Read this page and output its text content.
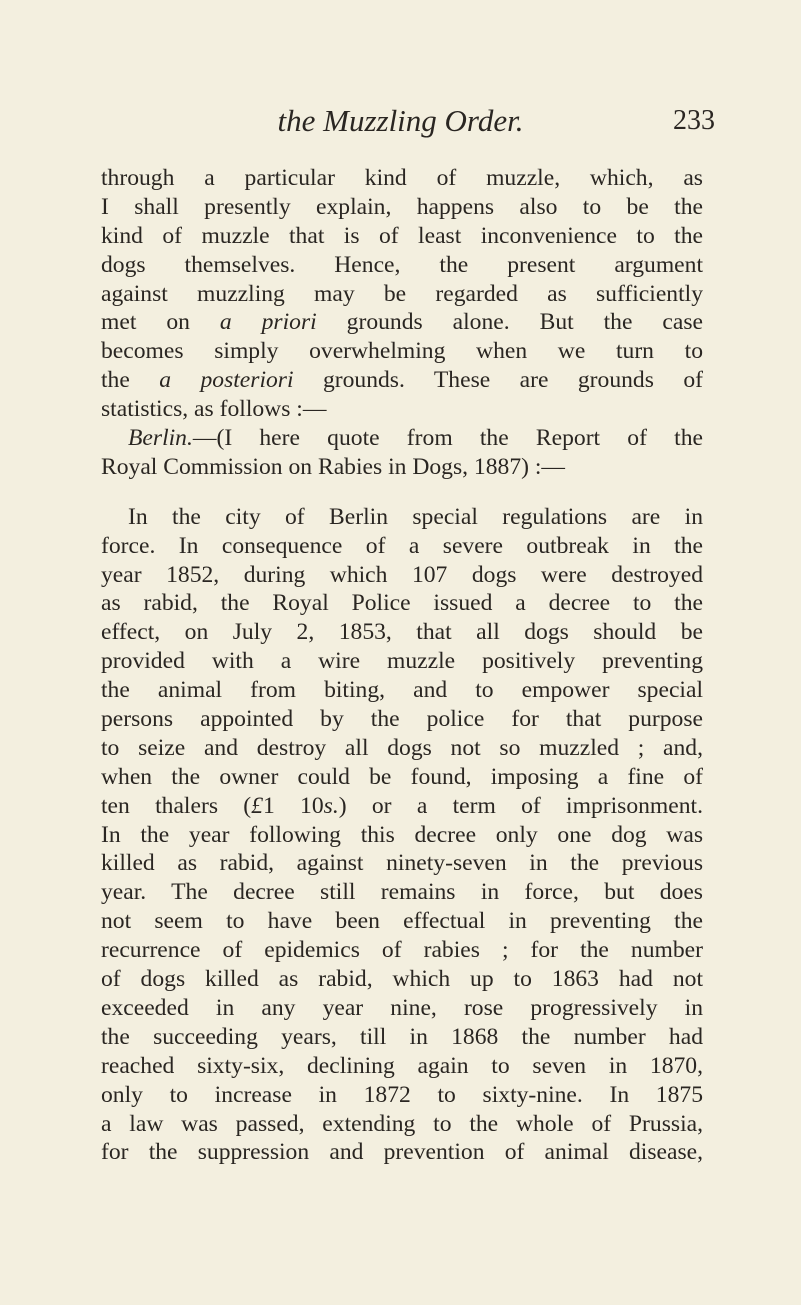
the Muzzling Order.	233
through a particular kind of muzzle, which, as
I shall presently explain, happens also to be the
kind of muzzle that is of least inconvenience to the
dogs themselves. Hence, the present argument
against muzzling may be regarded as sufficiently
met on a priori grounds alone. But the case
becomes simply overwhelming when we turn to
the a posteriori grounds. These are grounds of
statistics, as follows :—
Berlin.—(I here quote from the Report of the
Royal Commission on Rabies in Dogs, 1887) :—
In the city of Berlin special regulations are in
force. In consequence of a severe outbreak in the
year 1852, during which 107 dogs were destroyed
as rabid, the Royal Police issued a decree to the
effect, on July 2, 1853, that all dogs should be
provided with a wire muzzle positively preventing
the animal from biting, and to empower special
persons appointed by the police for that purpose
to seize and destroy all dogs not so muzzled ; and,
when the owner could be found, imposing a fine of
ten thalers (£1 10s.) or a term of imprisonment.
In the year following this decree only one dog was
killed as rabid, against ninety-seven in the previous
year. The decree still remains in force, but does
not seem to have been effectual in preventing the
recurrence of epidemics of rabies ; for the number
of dogs killed as rabid, which up to 1863 had not
exceeded in any year nine, rose progressively in
the succeeding years, till in 1868 the number had
reached sixty-six, declining again to seven in 1870,
only to increase in 1872 to sixty-nine. In 1875
a law was passed, extending to the whole of Prussia,
for the suppression and prevention of animal disease,
